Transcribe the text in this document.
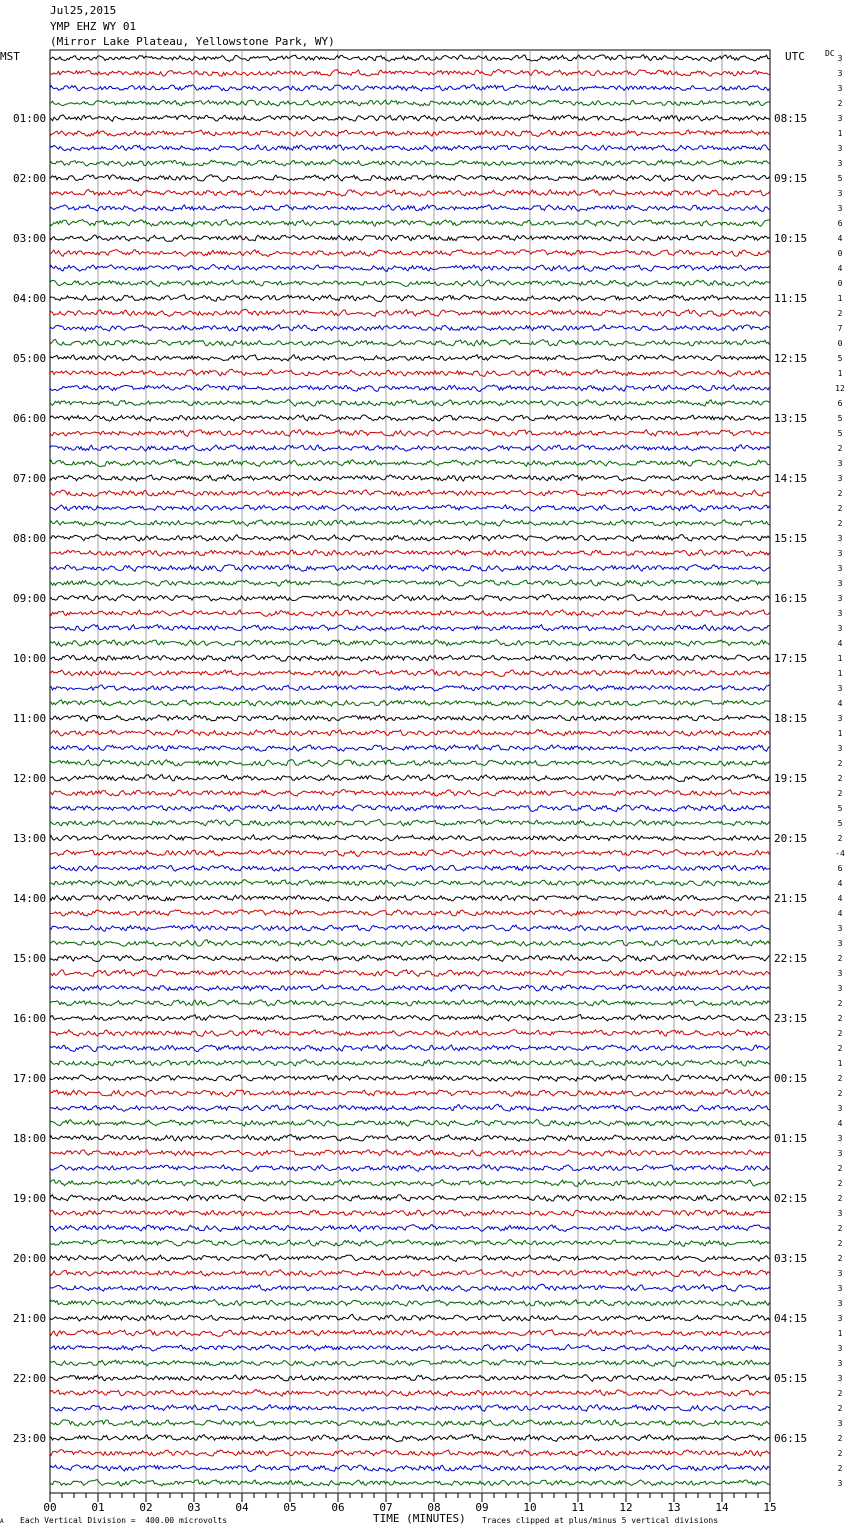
Jul25,2015
YMP EHZ WY 01
(Mirror Lake Plateau, Yellowstone Park, WY)
MST	UTC	DC
00	01	02	03	04	05	06	07	08	09	10	11	12	13	14	15
3
3
3
2
3
1
3
3
5
3
3
6
4
0
4
0
1
2
7
0
5
1
12
6
5
5
2
3
3
2
2
2
3
3
3
3
3
3
3
4
1
1
3
4
3
1
3
2
2
2
5
5
2
-4
6
4
4
4
3
3
2
3
3
2
2
2
2
1
2
2
3
4
3
3
2
2
2
3
2
2
2
3
3
3
3
1
3
3
3
2
2
3
2
2
2
3
01:00
02:00
03:00
04:00
05:00
06:00
07:00
08:00
09:00
10:00
11:00
12:00
13:00
14:00
15:00
16:00
17:00
18:00
19:00
20:00
21:00
22:00
23:00
08:15
09:15
10:15
11:15
12:15
13:15
14:15
15:15
16:15
17:15
18:15
19:15
20:15
21:15
22:15
23:15
00:15
01:15
02:15
03:15
04:15
05:15
06:15
A Each Vertical Division =  400.00 microvolts	TIME (MINUTES) Traces clipped at plus/minus 5 vertical divisions
